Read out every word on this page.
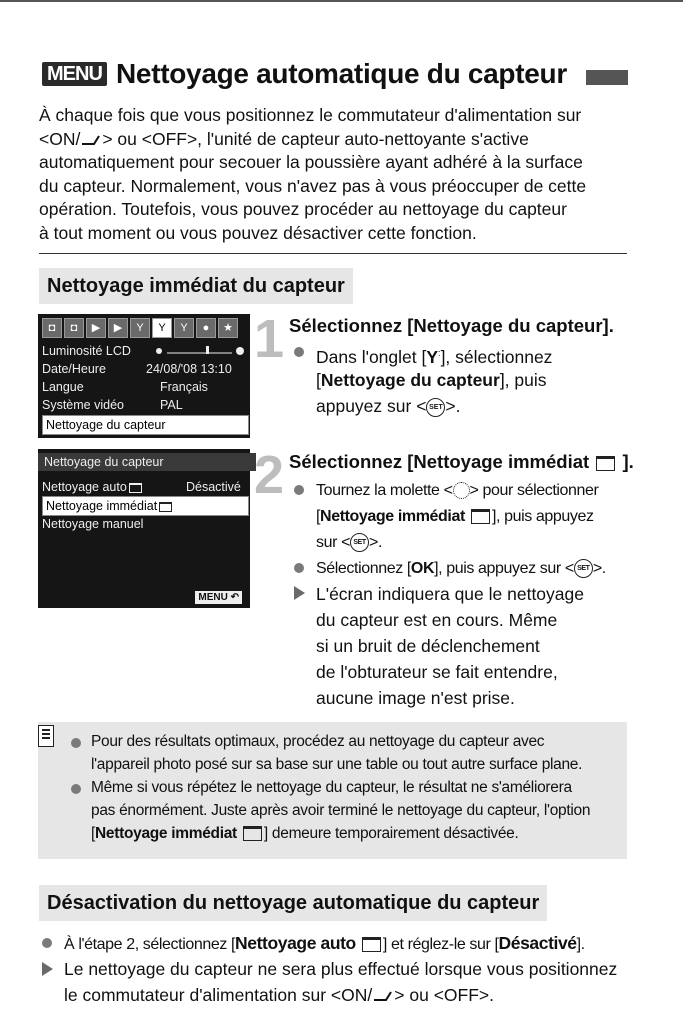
MENU Nettoyage automatique du capteur
À chaque fois que vous positionnez le commutateur d'alimentation sur
<ON/ > ou <OFF>, l'unité de capteur auto-nettoyante s'active
automatiquement pour secouer la poussière ayant adhéré à la surface
du capteur. Normalement, vous n'avez pas à vous préoccuper de cette
opération. Toutefois, vous pouvez procéder au nettoyage du capteur
à tout moment ou vous pouvez désactiver cette fonction.
Nettoyage immédiat du capteur
◘	◘	▶	▶	Y	Y	Y	●	★
Luminosité LCD
Date/Heure	24/08/'08 13:10
Langue	Français
Système vidéo	PAL
Nettoyage du capteur
1 Sélectionnez [Nettoyage du capteur].
Dans l'onglet [Y:], sélectionnez
[Nettoyage du capteur], puis
appuyez sur < SET >.
Nettoyage du capteur
Nettoyage auto	Désactivé
Nettoyage immédiat
Nettoyage manuel
MENU ↶
2 Sélectionnez [Nettoyage immédiat ].
Tournez la molette < > pour sélectionner
[Nettoyage immédiat ], puis appuyez
sur < SET >.
Sélectionnez [OK], puis appuyez sur < SET >.
L'écran indiquera que le nettoyage
du capteur est en cours. Même
si un bruit de déclenchement
de l'obturateur se fait entendre,
aucune image n'est prise.
Pour des résultats optimaux, procédez au nettoyage du capteur avec
l'appareil photo posé sur sa base sur une table ou tout autre surface plane.
Même si vous répétez le nettoyage du capteur, le résultat ne s'améliorera
pas énormément. Juste après avoir terminé le nettoyage du capteur, l'option
[Nettoyage immédiat ] demeure temporairement désactivée.
Désactivation du nettoyage automatique du capteur
À l'étape 2, sélectionnez [Nettoyage auto ] et réglez-le sur [Désactivé].
Le nettoyage du capteur ne sera plus effectué lorsque vous positionnez
le commutateur d'alimentation sur <ON/ > ou <OFF>.
